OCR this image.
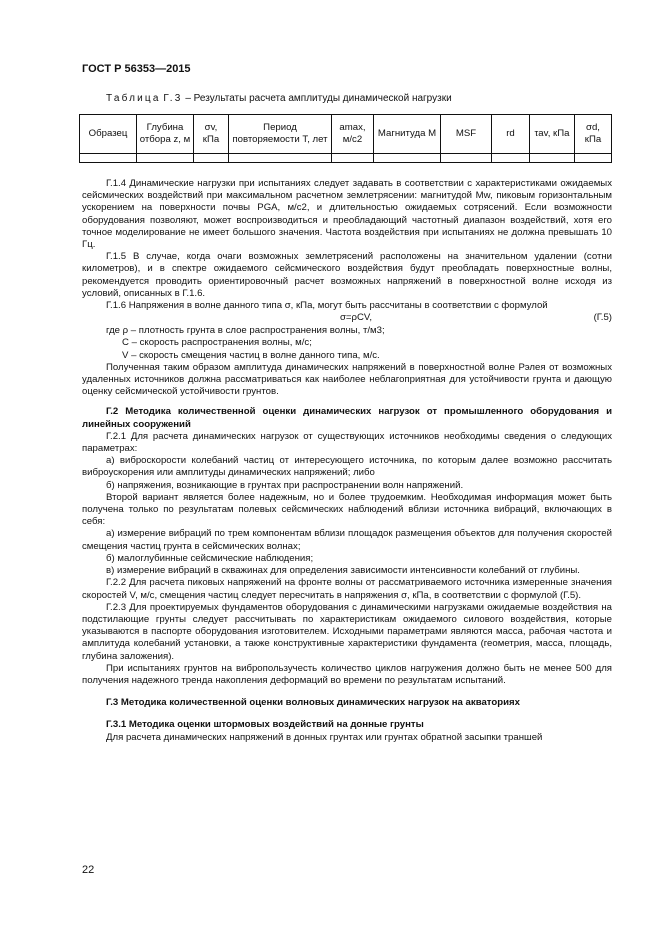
ГОСТ Р 56353—2015
Таблица Г.3 – Результаты расчета амплитуды динамической нагрузки
Образец	Глубина отбора z, м	σv, кПа	Период повторяемости T, лет	amax, м/с2	Магнитуда M	MSF	rd	τav, кПа	σd, кПа

Г.1.4 Динамические нагрузки при испытаниях следует задавать в соответствии с характеристиками ожидаемых сейсмических воздействий при максимальном расчетном землетрясении: магнитудой Mw, пиковым горизонтальным ускорением на поверхности почвы PGA, м/с2, и длительностью ожидаемых сотрясений. Если возможности оборудования позволяют, может воспроизводиться и преобладающий частотный диапазон воздействий, хотя его точное моделирование не имеет большого значения. Частота воздействия при испытаниях не должна превышать 10 Гц.

Г.1.5 В случае, когда очаги возможных землетрясений расположены на значительном удалении (сотни километров), и в спектре ожидаемого сейсмического воздействия будут преобладать поверхностные волны, рекомендуется проводить ориентировочный расчет возможных напряжений в поверхностной волне исходя из условий, описанных в Г.1.6.

Г.1.6 Напряжения в волне данного типа σ, кПа, могут быть рассчитаны в соответствии с формулой

σ=ρCV,	(Г.5)

где ρ – плотность грунта в слое распространения волны, т/м3;

C – скорость распространения волны, м/с;

V – скорость смещения частиц в волне данного типа, м/с.

Полученная таким образом амплитуда динамических напряжений в поверхностной волне Рэлея от возможных удаленных источников должна рассматриваться как наиболее неблагоприятная для устойчивости грунта и дающую оценку сейсмической устойчивости грунтов.

Г.2 Методика количественной оценки динамических нагрузок от промышленного оборудования и линейных сооружений

Г.2.1 Для расчета динамических нагрузок от существующих источников необходимы сведения о следующих параметрах:

а) виброскорости колебаний частиц от интересующего источника, по которым далее возможно рассчитать виброускорения или амплитуды динамических напряжений; либо

б) напряжения, возникающие в грунтах при распространении волн напряжений.

Второй вариант является более надежным, но и более трудоемким. Необходимая информация может быть получена только по результатам полевых сейсмических наблюдений вблизи источника вибраций, включающих в себя:

а) измерение вибраций по трем компонентам вблизи площадок размещения объектов для получения скоростей смещения частиц грунта в сейсмических волнах;

б) малоглубинные сейсмические наблюдения;

в) измерение вибраций в скважинах для определения зависимости интенсивности колебаний от глубины.

Г.2.2 Для расчета пиковых напряжений на фронте волны от рассматриваемого источника измеренные значения скоростей V, м/с, смещения частиц следует пересчитать в напряжения σ, кПа, в соответствии с формулой (Г.5).

Г.2.3 Для проектируемых фундаментов оборудования с динамическими нагрузками ожидаемые воздействия на подстилающие грунты следует рассчитывать по характеристикам ожидаемого силового воздействия, которые указываются в паспорте оборудования изготовителем. Исходными параметрами являются масса, рабочая частота и амплитуда колебаний установки, а также конструктивные характеристики фундамента (геометрия, масса, площадь, глубина заложения).

При испытаниях грунтов на вибропользучесть количество циклов нагружения должно быть не менее 500 для получения надежного тренда накопления деформаций во времени по результатам испытаний.

Г.3 Методика количественной оценки волновых динамических нагрузок на акваториях

Г.3.1 Методика оценки штормовых воздействий на донные грунты

Для расчета динамических напряжений в донных грунтах или грунтах обратной засыпки траншей

22
